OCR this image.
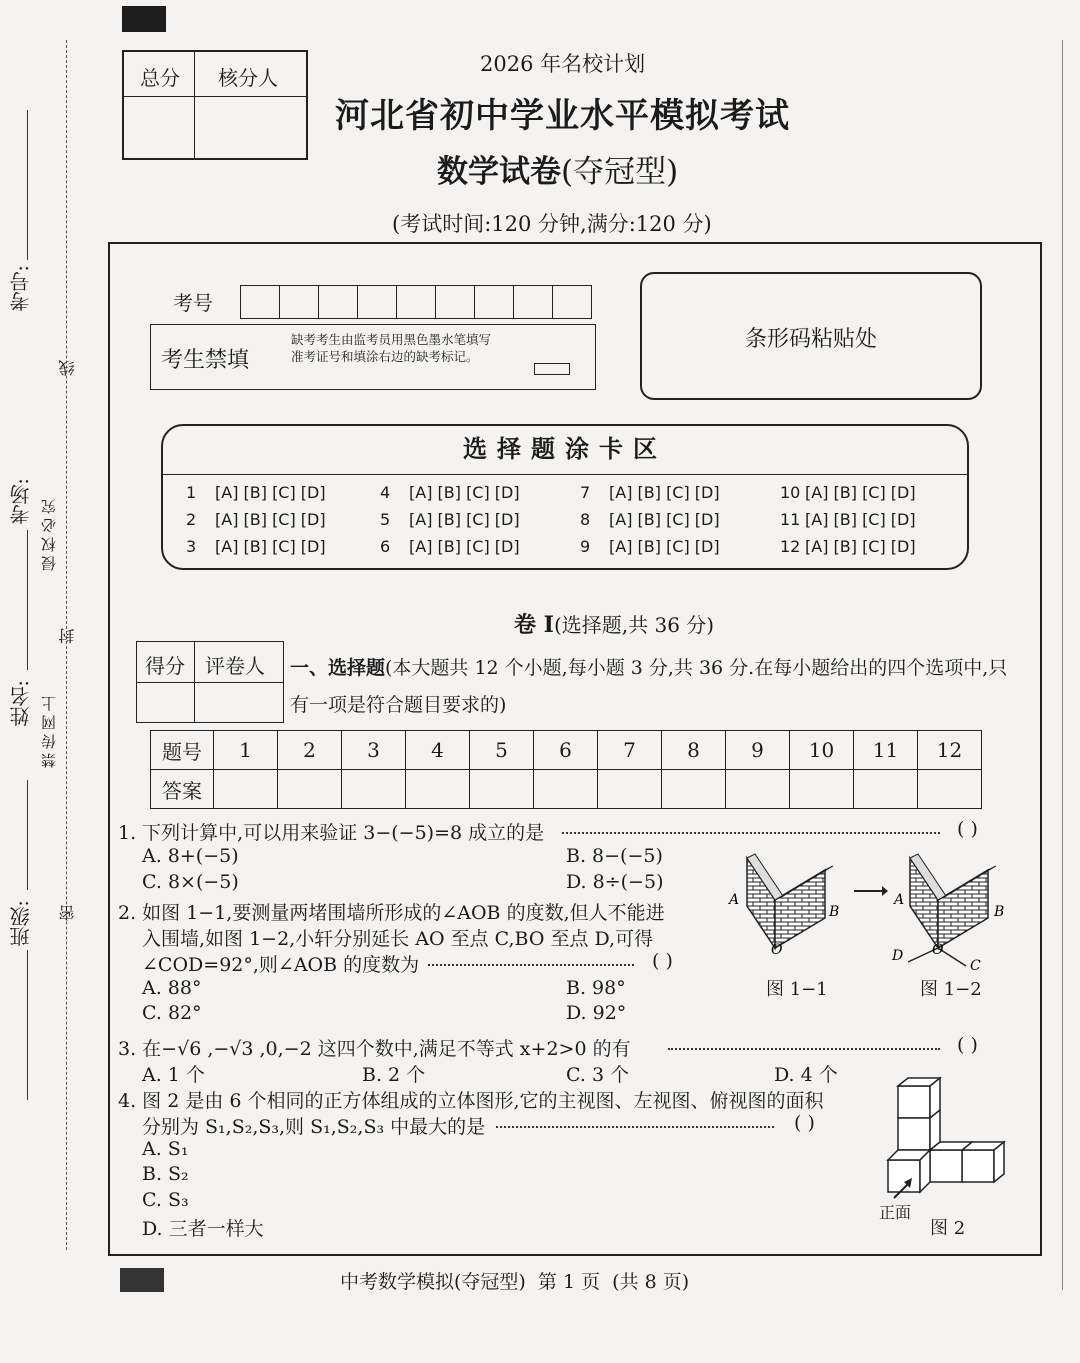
考号:
考场:
姓名:
班级:
线
封
密
侵权必究
禁传网上
总分 核分人
2026 年名校计划
河北省初中学业水平模拟考试
数学试卷(夺冠型)
(考试时间:120 分钟,满分:120 分)
考号
考生禁填
缺考考生由监考员用黑色墨水笔填写准考证号和填涂右边的缺考标记。
条形码粘贴处
选择题涂卡区
1 [A] [B] [C] [D]
2 [A] [B] [C] [D]
3 [A] [B] [C] [D]
4 [A] [B] [C] [D]
5 [A] [B] [C] [D]
6 [A] [B] [C] [D]
7 [A] [B] [C] [D]
8 [A] [B] [C] [D]
9 [A] [B] [C] [D]
10 [A] [B] [C] [D]
11 [A] [B] [C] [D]
12 [A] [B] [C] [D]
卷 I(选择题,共 36 分)
得分 评卷人 一、选择题(本大题共 12 个小题,每小题 3 分,共 36 分.在每小题给出的四个选项中,只有一项是符合题目要求的)
题号	1	2	3	4	5	6	7	8	9	10	11	12
答案												
1. 下列计算中,可以用来验证 3−(−5)=8 成立的是	( )
A. 8+(−5)	B. 8−(−5)
C. 8×(−5)	D. 8÷(−5)
2. 如图 1−1,要测量两堵围墙所形成的∠AOB 的度数,但人不能进
入围墙,如图 1−2,小轩分别延长 AO 至点 C,BO 至点 D,可得
∠COD=92°,则∠AOB 的度数为	( )
A. 88°	B. 98°
C. 82°	D. 92°
A
B
O
A
B
O
D
C
图 1−1	图 1−2
3. 在−√6 ,−√3 ,0,−2 这四个数中,满足不等式 x+2>0 的有	( )
A. 1 个	B. 2 个	C. 3 个	D. 4 个
4. 图 2 是由 6 个相同的正方体组成的立体图形,它的主视图、左视图、俯视图的面积
分别为 S₁,S₂,S₃,则 S₁,S₂,S₃ 中最大的是	( )
A. S₁
B. S₂
C. S₃
D. 三者一样大
正面
图 2
中考数学模拟(夺冠型)  第 1 页  (共 8 页)
